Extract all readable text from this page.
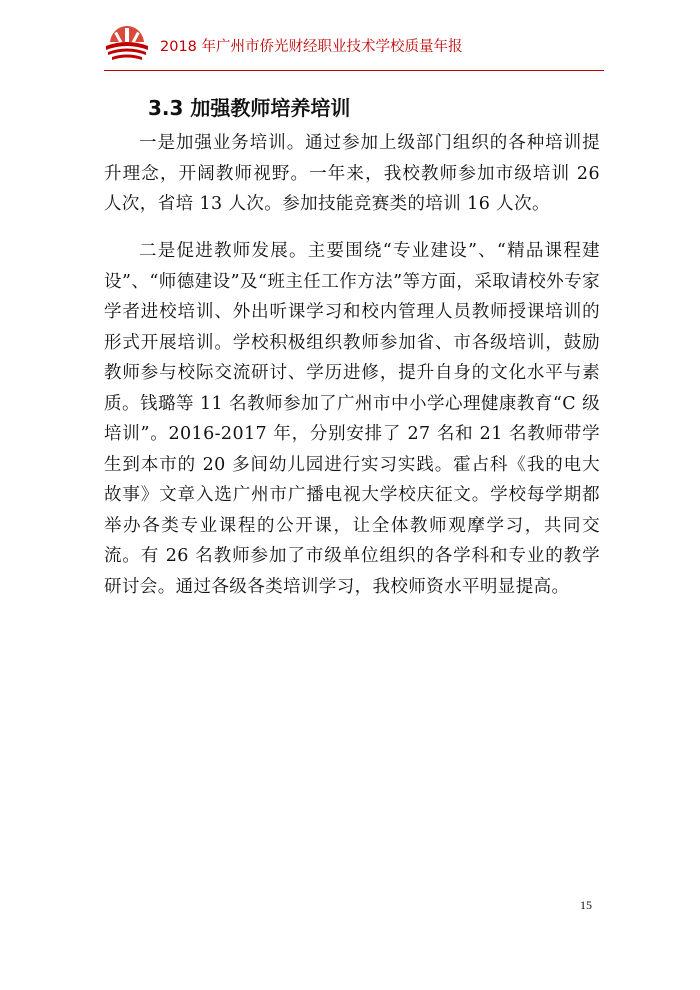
2018 年广州市侨光财经职业技术学校质量年报
3.3 加强教师培养培训

一是加强业务培训。通过参加上级部门组织的各种培训提升理念，开阔教师视野。一年来，我校教师参加市级培训 26 人次，省培 13 人次。参加技能竞赛类的培训 16 人次。

二是促进教师发展。主要围绕“专业建设”、“精品课程建设”、“师德建设”及“班主任工作方法”等方面，采取请校外专家学者进校培训、外出听课学习和校内管理人员教师授课培训的形式开展培训。学校积极组织教师参加省、市各级培训，鼓励教师参与校际交流研讨、学历进修，提升自身的文化水平与素质。钱璐等 11 名教师参加了广州市中小学心理健康教育“C 级培训”。2016-2017 年，分别安排了 27 名和 21 名教师带学生到本市的 20 多间幼儿园进行实习实践。霍占科《我的电大故事》文章入选广州市广播电视大学校庆征文。学校每学期都举办各类专业课程的公开课，让全体教师观摩学习，共同交流。有 26 名教师参加了市级单位组织的各学科和专业的教学研讨会。通过各级各类培训学习，我校师资水平明显提高。

15
